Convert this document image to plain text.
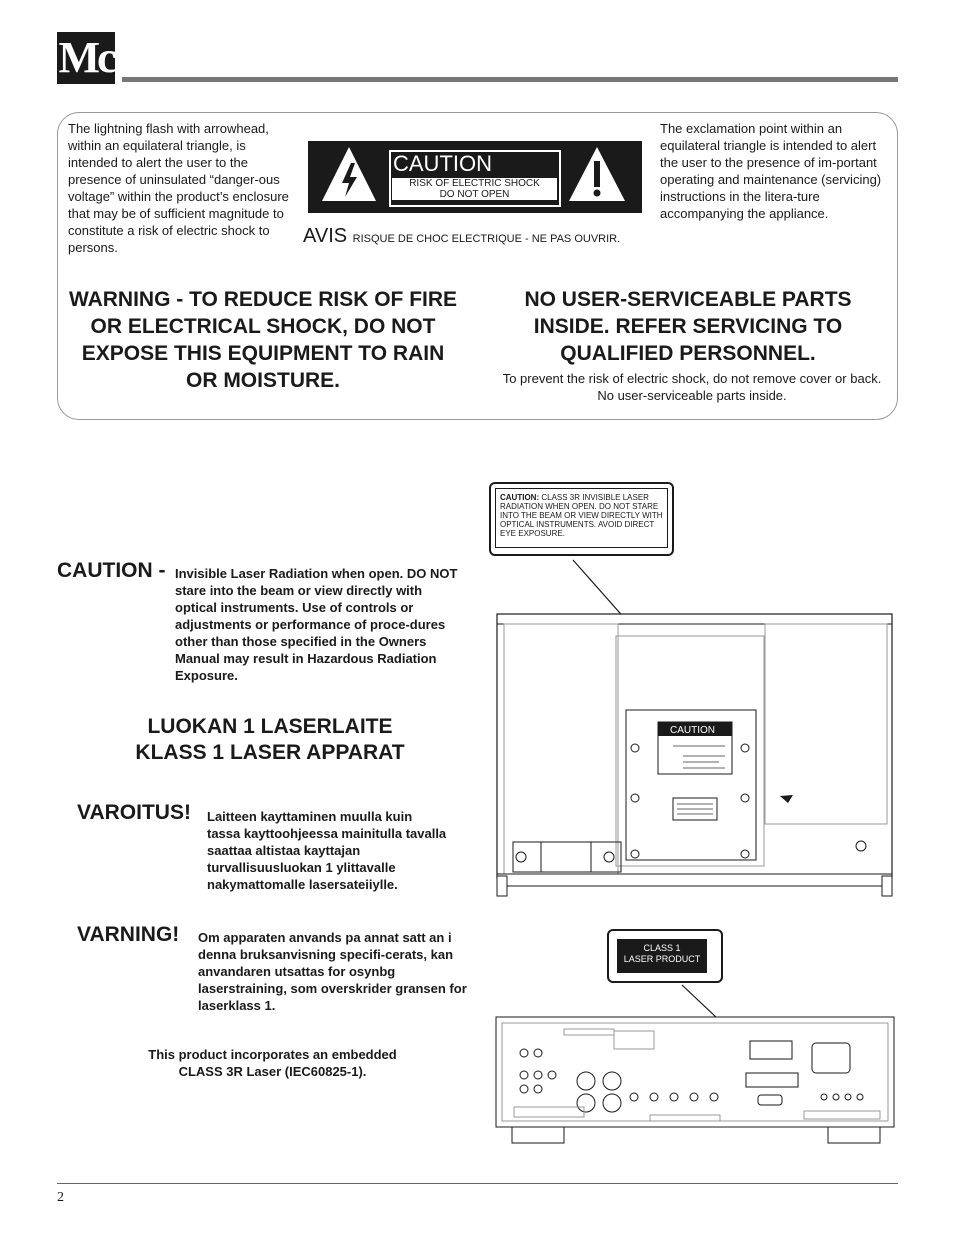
Mc
The lightning flash with arrowhead, within an equilateral triangle, is intended to alert the user to the presence of uninsulated “danger-ous voltage” within the product’s enclosure that may be of sufficient magnitude to constitute a risk of electric shock to persons.
CAUTION
RISK OF ELECTRIC SHOCK
DO NOT OPEN
AVIS RISQUE DE CHOC ELECTRIQUE - NE PAS OUVRIR.
The exclamation point within an equilateral triangle is intended to alert the user to the presence of im-portant operating and maintenance (servicing) instructions in the litera-ture accompanying the appliance.
WARNING - TO REDUCE RISK OF FIRE OR ELECTRICAL SHOCK, DO NOT EXPOSE THIS EQUIPMENT TO RAIN OR MOISTURE.
NO USER-SERVICEABLE PARTS INSIDE. REFER SERVICING TO QUALIFIED PERSONNEL.
To prevent the risk of electric shock, do not remove cover or back. No user-serviceable parts inside.
CAUTION - Invisible Laser Radiation when open. DO NOT stare into the beam or view directly with optical instruments. Use of controls or adjustments or performance of proce-dures other than those specified in the Owners Manual may result in Hazardous Radiation Exposure.
LUOKAN 1 LASERLAITE
KLASS 1 LASER APPARAT
VAROITUS! Laitteen kayttaminen muulla kuin tassa kayttoohjeessa mainitulla tavalla saattaa altistaa kayttajan turvallisuusluokan 1 ylittavalle nakymattomalle lasersateiiylle.
VARNING! Om apparaten anvands pa annat satt an i denna bruksanvisning specifi-cerats, kan anvandaren utsattas for osynbg laserstraining, som overskrider gransen for laserklass 1.
This product incorporates an embedded CLASS 3R Laser (IEC60825-1).
CAUTION: CLASS 3R INVISIBLE LASER RADIATION WHEN OPEN. DO NOT STARE INTO THE BEAM OR VIEW DIRECTLY WITH OPTICAL INSTRUMENTS. AVOID DIRECT EYE EXPOSURE.
CAUTION
CLASS 1
LASER PRODUCT
2
